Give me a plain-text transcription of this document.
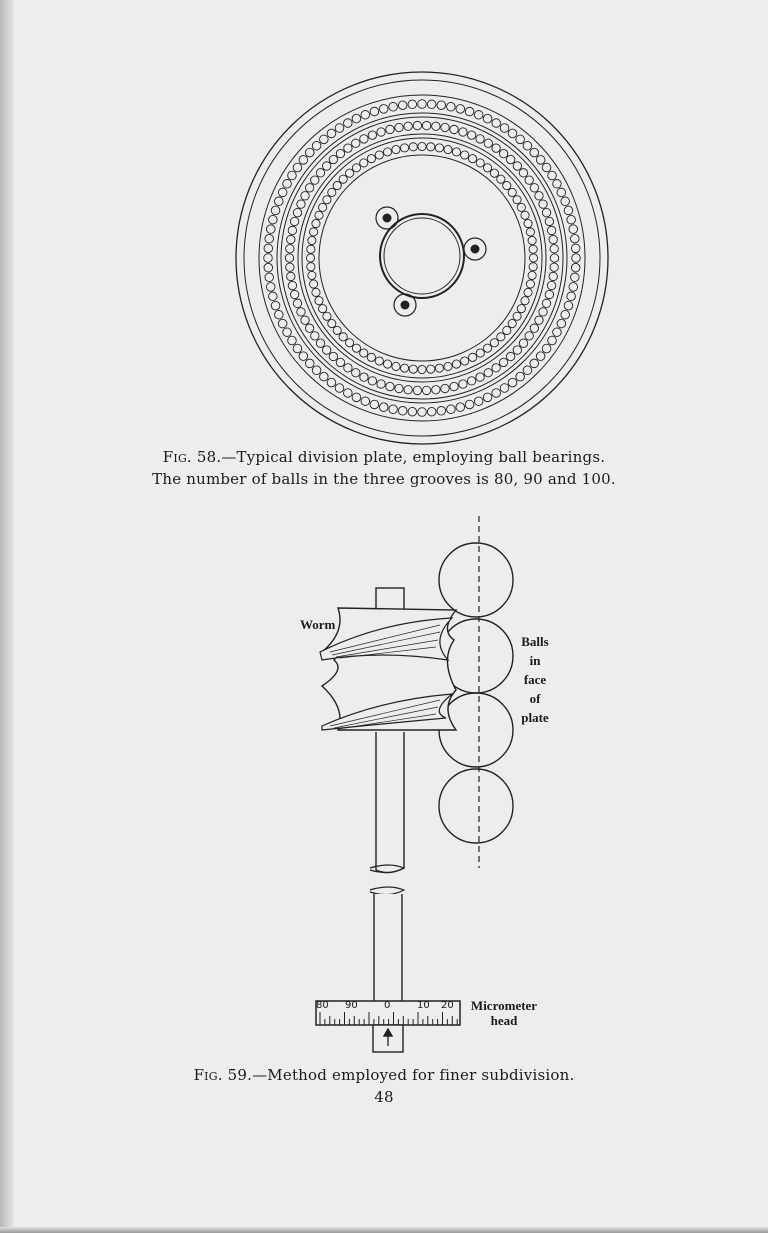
80 90	0	10 20
Fig. 58.—Typical division plate, employing ball bearings.
The number of balls in the three grooves is 80, 90 and 100.
Worm
Balls
in
face
of
plate
Micrometer
head
Fig. 59.—Method employed for finer subdivision.
48
